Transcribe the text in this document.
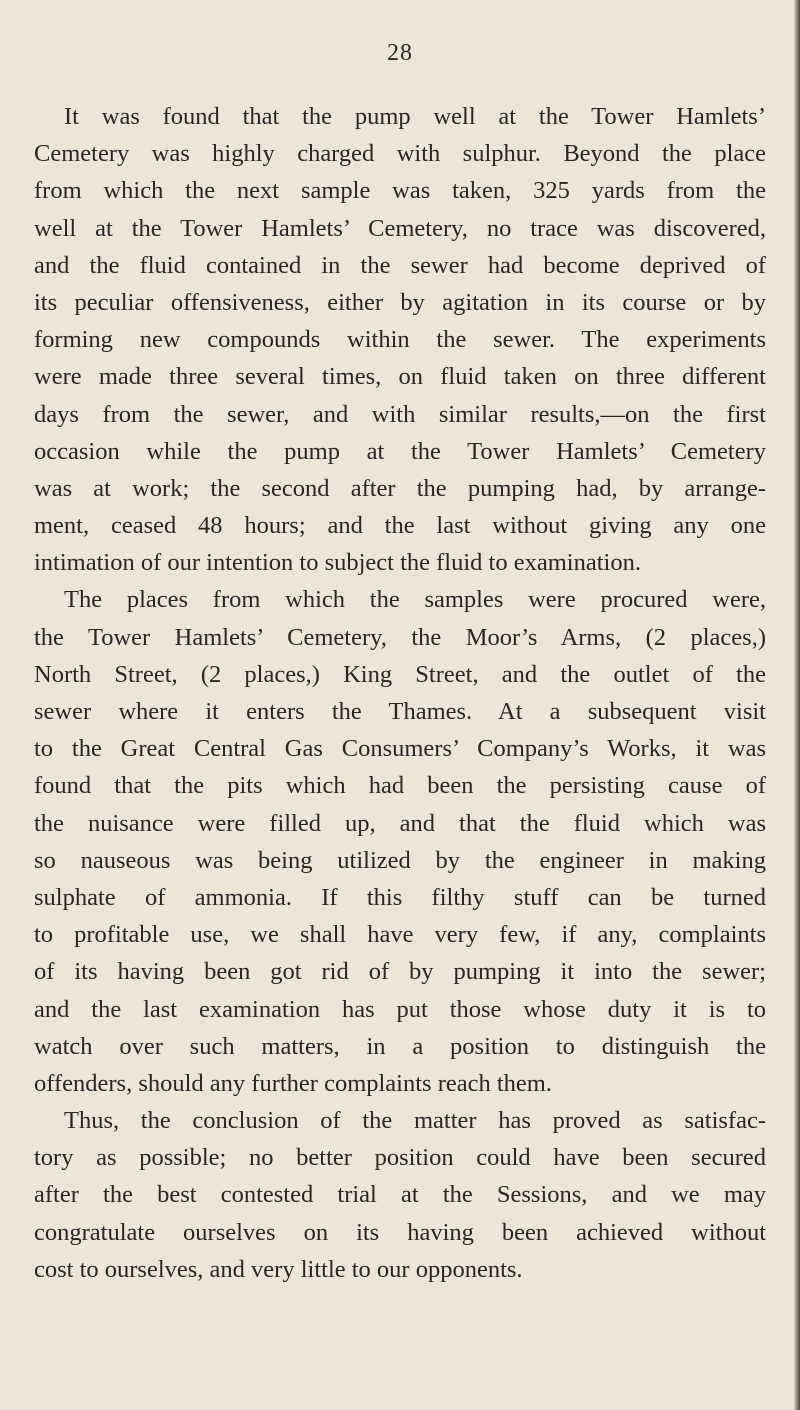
28
It was found that the pump well at the Tower Hamlets’
Cemetery was highly charged with sulphur. Beyond the place
from which the next sample was taken, 325 yards from the
well at the Tower Hamlets’ Cemetery, no trace was discovered,
and the fluid contained in the sewer had become deprived of
its peculiar offensiveness, either by agitation in its course or by
forming new compounds within the sewer. The experiments
were made three several times, on fluid taken on three different
days from the sewer, and with similar results,—on the first
occasion while the pump at the Tower Hamlets’ Cemetery
was at work; the second after the pumping had, by arrange-
ment, ceased 48 hours; and the last without giving any one
intimation of our intention to subject the fluid to examination.
The places from which the samples were procured were,
the Tower Hamlets’ Cemetery, the Moor’s Arms, (2 places,)
North Street, (2 places,) King Street, and the outlet of the
sewer where it enters the Thames. At a subsequent visit
to the Great Central Gas Consumers’ Company’s Works, it was
found that the pits which had been the persisting cause of
the nuisance were filled up, and that the fluid which was
so nauseous was being utilized by the engineer in making
sulphate of ammonia. If this filthy stuff can be turned
to profitable use, we shall have very few, if any, complaints
of its having been got rid of by pumping it into the sewer;
and the last examination has put those whose duty it is to
watch over such matters, in a position to distinguish the
offenders, should any further complaints reach them.
Thus, the conclusion of the matter has proved as satisfac-
tory as possible; no better position could have been secured
after the best contested trial at the Sessions, and we may
congratulate ourselves on its having been achieved without
cost to ourselves, and very little to our opponents.
